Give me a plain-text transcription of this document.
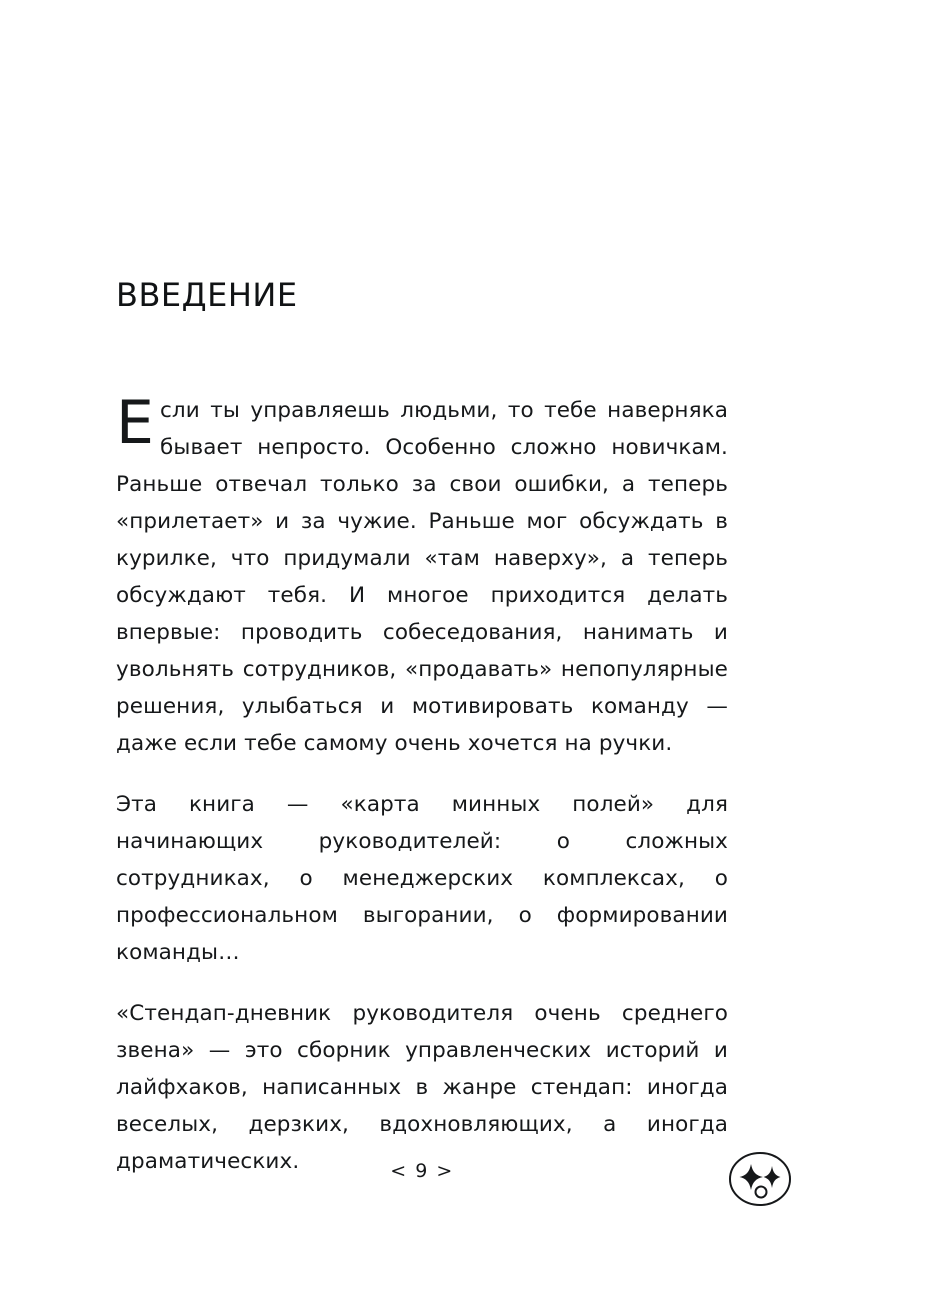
ВВЕДЕНИЕ

Если ты управляешь людьми, то тебе наверняка бывает непросто. Особенно сложно новичкам. Раньше отвечал только за свои ошибки, а теперь «прилетает» и за чужие. Раньше мог обсуждать в курилке, что придумали «там наверху», а теперь обсуждают тебя. И многое приходится делать впервые: проводить собеседования, нанимать и увольнять сотрудников, «продавать» непопулярные решения, улыбаться и мотивировать команду — даже если тебе самому очень хочется на ручки.

Эта книга — «карта минных полей» для начинающих руководителей: о сложных сотрудниках, о менеджерских комплексах, о профессиональном выгорании, о формировании команды…

«Стендап-дневник руководителя очень среднего звена» — это сборник управленческих историй и лайфхаков, написанных в жанре стендап: иногда веселых, дерзких, вдохновляющих, а иногда драматических.	< 9 >
